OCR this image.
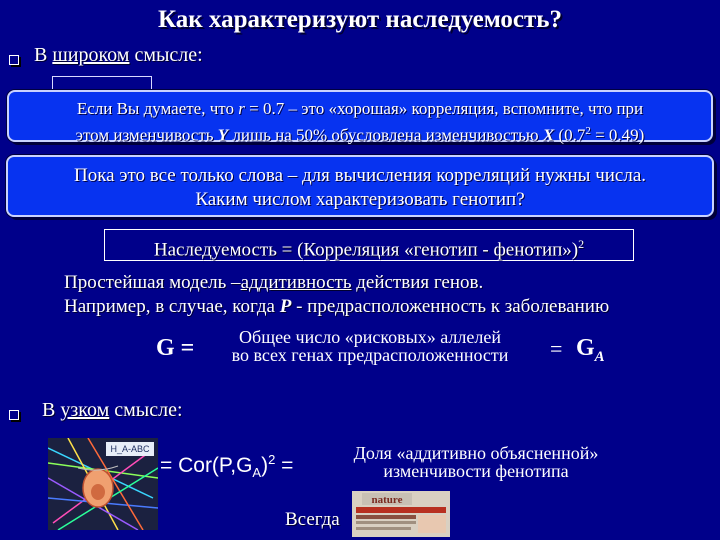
Как характеризуют наследуемость?
В широком смысле:
Если Вы думаете, что r = 0.7 – это «хорошая» корреляция, вспомните, что при
этом изменчивость Y лишь на 50% обусловлена изменчивостью X $(0.7^2 = 0.49)$
Пока это все только слова – для вычисления корреляций нужны числа.
Каким числом характеризовать генотип?
Наследуемость = (Корреляция «генотип - фенотип»)$^2$
Простейшая модель –аддитивность действия генов.
Например, в случае, когда P - предрасположенность к заболеванию
G =	Общее число «рисковых» аллелей
во всех генах предрасположенности	= $G_A$
В узком смысле:
H_A-ABC
= $Cor(P,G_A)^2$ =
Доля «аддитивно объясненной»
изменчивости фенотипа
Всегда
nature
